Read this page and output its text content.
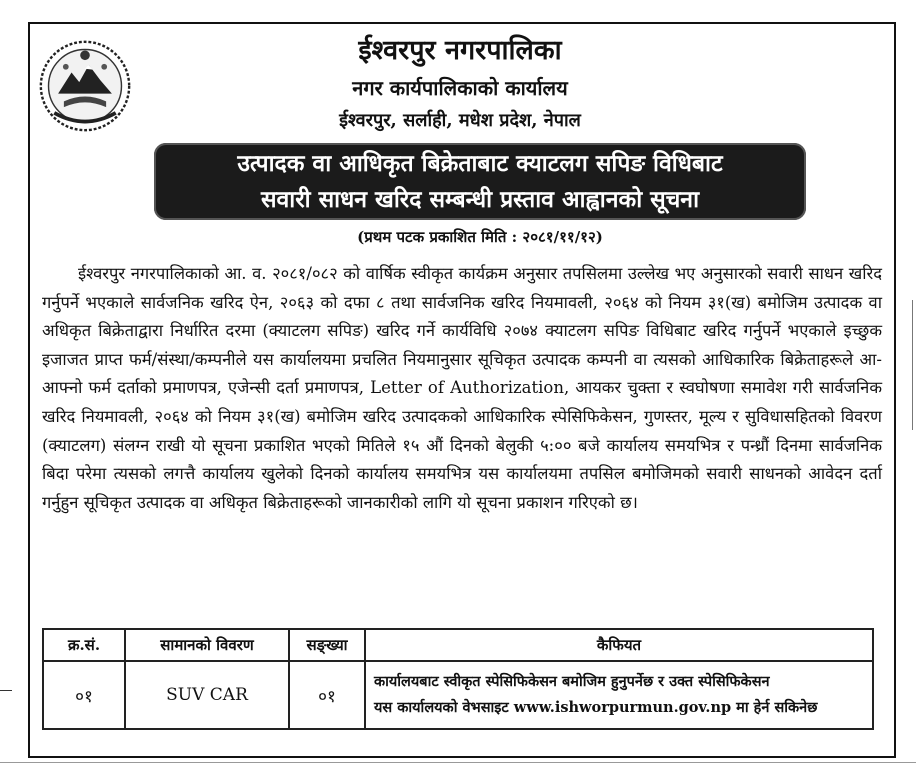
ईश्वरपुर नगरपालिका
नगर कार्यपालिकाको कार्यालय
ईश्वरपुर, सर्लाही, मधेश प्रदेश, नेपाल
उत्पादक वा आधिकृत बिक्रेताबाट क्याटलग सपिङ विधिबाट
सवारी साधन खरिद सम्बन्धी प्रस्ताव आह्वानको सूचना
(प्रथम पटक प्रकाशित मिति : २०८१/११/१२)
ईश्वरपुर नगरपालिकाको आ. व. २०८१/०८२ को वार्षिक स्वीकृत कार्यक्रम अनुसार तपसिलमा उल्लेख भए अनुसारको सवारी साधन खरिद गर्नुपर्ने भएकाले सार्वजनिक खरिद ऐन, २०६३ को दफा ८ तथा सार्वजनिक खरिद नियमावली, २०६४ को नियम ३१(ख) बमोजिम उत्पादक वा अधिकृत बिक्रेताद्वारा निर्धारित दरमा (क्याटलग सपिङ) खरिद गर्ने कार्यविधि २०७४ क्याटलग सपिङ विधिबाट खरिद गर्नुपर्ने भएकाले इच्छुक इजाजत प्राप्त फर्म/संस्था/कम्पनीले यस कार्यालयमा प्रचलित नियमानुसार सूचिकृत उत्पादक कम्पनी वा त्यसको आधिकारिक बिक्रेताहरूले आ-आफ्नो फर्म दर्ताको प्रमाणपत्र, एजेन्सी दर्ता प्रमाणपत्र, Letter of Authorization, आयकर चुक्ता र स्वघोषणा समावेश गरी सार्वजनिक खरिद नियमावली, २०६४ को नियम ३१(ख) बमोजिम खरिद उत्पादकको आधिकारिक स्पेसिफिकेसन, गुणस्तर, मूल्य र सुविधासहितको विवरण (क्याटलग) संलग्न राखी यो सूचना प्रकाशित भएको मितिले १५ औं दिनको बेलुकी ५:०० बजे कार्यालय समयभित्र र पन्ध्रौं दिनमा सार्वजनिक बिदा परेमा त्यसको लगत्तै कार्यालय खुलेको दिनको कार्यालय समयभित्र यस कार्यालयमा तपसिल बमोजिमको सवारी साधनको आवेदन दर्ता गर्नुहुन सूचिकृत उत्पादक वा अधिकृत बिक्रेताहरूको जानकारीको लागि यो सूचना प्रकाशन गरिएको छ।
क्र.सं.	सामानको विवरण	सङ्ख्या	कैफियत
०१	SUV CAR	०१	कार्यालयबाट स्वीकृत स्पेसिफिकेसन बमोजिम हुनुपर्नेछ र उक्त स्पेसिफिकेसन
यस कार्यालयको वेभसाइट www.ishworpurmun.gov.np मा हेर्न सकिनेछ
